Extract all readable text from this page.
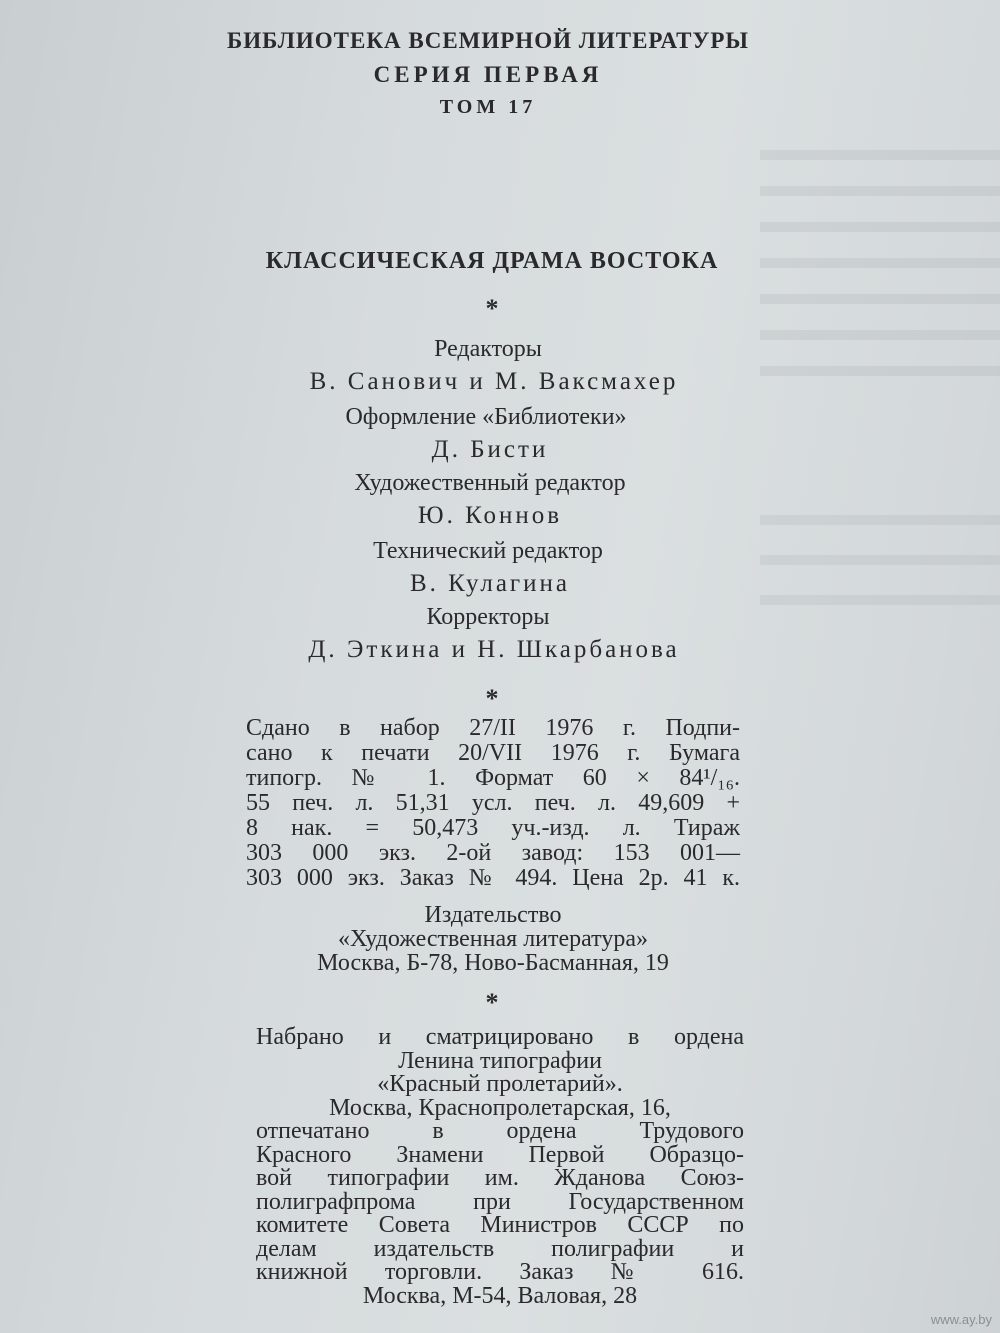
БИБЛИОТЕКА ВСЕМИРНОЙ ЛИТЕРАТУРЫ
СЕРИЯ ПЕРВАЯ
ТОМ 17
КЛАССИЧЕСКАЯ ДРАМА ВОСТОКА
*
Редакторы
В. Санович и М. Ваксмахер
Оформление «Библиотеки»
Д. Бисти
Художественный редактор
Ю. Коннов
Технический редактор
В. Кулагина
Корректоры
Д. Эткина и Н. Шкарбанова
*
Сдано в набор 27/II 1976 г. Подпи-
сано к печати 20/VII 1976 г. Бумага
типогр. № 1. Формат 60 × 84¹/₁₆.
55 печ. л. 51,31 усл. печ. л. 49,609 +
8 нак. = 50,473 уч.-изд. л. Тираж
303 000 экз. 2-ой завод: 153 001—
303 000 экз. Заказ № 494. Цена 2р. 41 к.
Издательство
«Художественная литература»
Москва, Б-78, Ново-Басманная, 19
*
Набрано и сматрицировано в ордена
Ленина типографии
«Красный пролетарий».
Москва, Краснопролетарская, 16,
отпечатано в ордена Трудового
Красного Знамени Первой Образцо-
вой типографии им. Жданова Союз-
полиграфпрома при Государственном
комитете Совета Министров СССР по
делам издательств полиграфии и
книжной торговли. Заказ № 616.
Москва, М-54, Валовая, 28
www.ay.by
